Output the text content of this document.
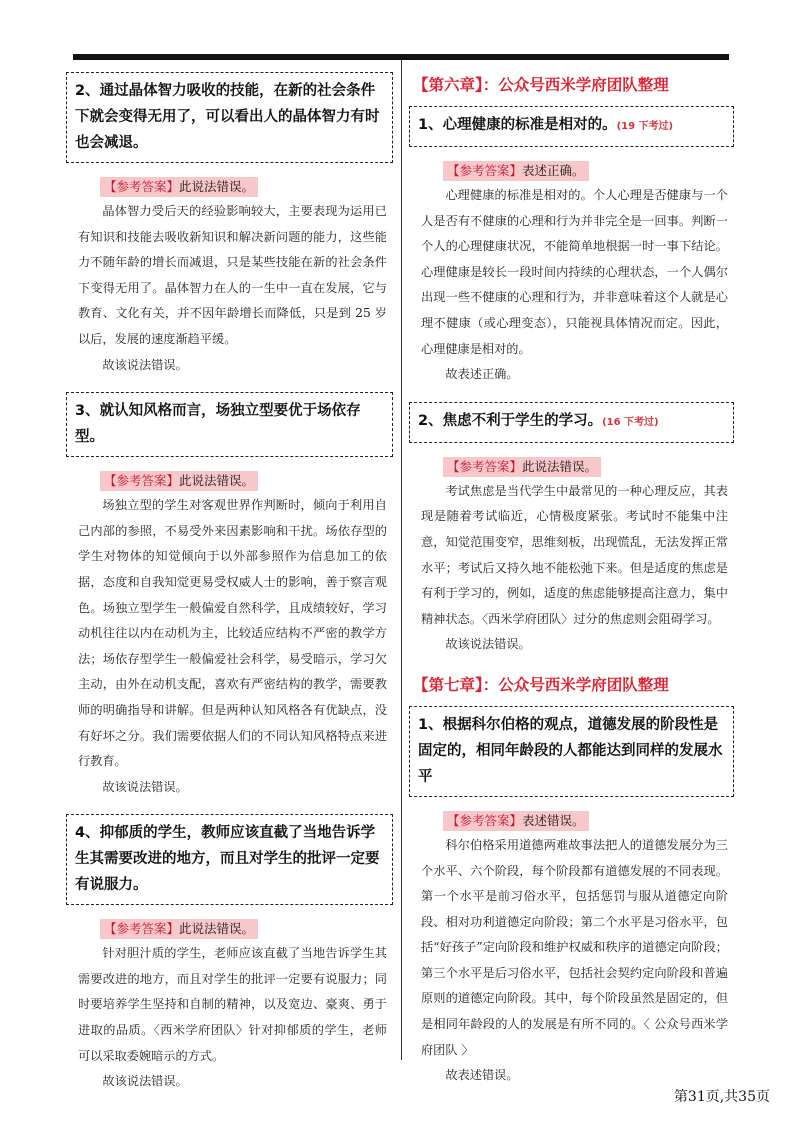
2、通过晶体智力吸收的技能，在新的社会条件下就会变得无用了，可以看出人的晶体智力有时也会减退。
【参考答案】此说法错误。

晶体智力受后天的经验影响较大，主要表现为运用已有知识和技能去吸收新知识和解决新问题的能力，这些能力不随年龄的增长而减退，只是某些技能在新的社会条件下变得无用了。晶体智力在人的一生中一直在发展，它与教育、文化有关，并不因年龄增长而降低，只是到 25 岁以后，发展的速度渐趋平缓。

故该说法错误。

3、就认知风格而言，场独立型要优于场依存型。
【参考答案】此说法错误。

场独立型的学生对客观世界作判断时，倾向于利用自己内部的参照，不易受外来因素影响和干扰。场依存型的学生对物体的知觉倾向于以外部参照作为信息加工的依据，态度和自我知觉更易受权威人士的影响，善于察言观色。场独立型学生一般偏爱自然科学，且成绩较好，学习动机往往以内在动机为主，比较适应结构不严密的教学方法；场依存型学生一般偏爱社会科学，易受暗示，学习欠主动，由外在动机支配，喜欢有严密结构的教学，需要教师的明确指导和讲解。但是两种认知风格各有优缺点，没有好坏之分。我们需要依据人们的不同认知风格特点来进行教育。

故该说法错误。

4、抑郁质的学生，教师应该直截了当地告诉学生其需要改进的地方，而且对学生的批评一定要有说服力。
【参考答案】此说法错误。

针对胆汁质的学生，老师应该直截了当地告诉学生其需要改进的地方，而且对学生的批评一定要有说服力；同时要培养学生坚持和自制的精神，以及宽边、豪爽、勇于进取的品质。〈西米学府团队〉针对抑郁质的学生，老师可以采取委婉暗示的方式。

故该说法错误。

【第六章】：公众号西米学府团队整理
1、心理健康的标准是相对的。(19 下考过)
【参考答案】表述正确。

心理健康的标准是相对的。个人心理是否健康与一个人是否有不健康的心理和行为并非完全是一回事。判断一个人的心理健康状况，不能简单地根据一时一事下结论。心理健康是较长一段时间内持续的心理状态，一个人偶尔出现一些不健康的心理和行为，并非意味着这个人就是心理不健康（或心理变态），只能视具体情况而定。因此，心理健康是相对的。

故表述正确。

2、焦虑不利于学生的学习。(16 下考过)
【参考答案】此说法错误。

考试焦虑是当代学生中最常见的一种心理反应，其表现是随着考试临近，心情极度紧张。考试时不能集中注意，知觉范围变窄，思维刻板，出现慌乱，无法发挥正常水平；考试后又持久地不能松弛下来。但是适度的焦虑是有利于学习的，例如，适度的焦虑能够提高注意力，集中精神状态。〈西米学府团队〉过分的焦虑则会阻碍学习。

故该说法错误。

【第七章】：公众号西米学府团队整理
1、根据科尔伯格的观点，道德发展的阶段性是固定的，相同年龄段的人都能达到同样的发展水平
【参考答案】表述错误。

科尔伯格采用道德两难故事法把人的道德发展分为三个水平、六个阶段，每个阶段都有道德发展的不同表现。第一个水平是前习俗水平，包括惩罚与服从道德定向阶段、相对功利道德定向阶段；第二个水平是习俗水平，包括“好孩子”定向阶段和维护权威和秩序的道德定向阶段；第三个水平是后习俗水平，包括社会契约定向阶段和普遍原则的道德定向阶段。其中，每个阶段虽然是固定的，但是相同年龄段的人的发展是有所不同的。〈 公众号西米学府团队 〉

故表述错误。

第31页,共35页
